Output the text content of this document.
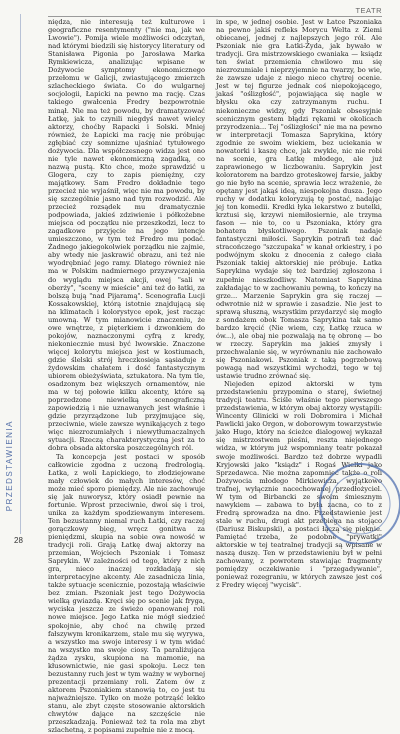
TEATR
PRZEDSTAWIENIA
28

niędza, nie interesują też kulturowe i geograficzne resentymenty ("nie ma, jak we Lwowie"). Pomija wiele możliwości odczytań, nad którymi biedzili się historycy literatury od Stanisława Pigonia po Jarosława Marka Rymkiewicza, analizując wpisane w Dożywocie symptomy ekonomicznego przełomu w Galicji, zwiastującego zmierzch szlacheckiego świata. Co do wulgarnej socjologii, Łapicki na pewno ma rację. Czas takiego gwałcenia Fredry bezpowrotnie minął. Nie ma też powodu, by dramatyzować Łatkę, jak to czynili niegdyś nawet wielcy aktorzy, choćby Rapacki i Solski. Mniej również, że Łapicki ma rację nie próbując zgłębiać czy somnizne ujaśniać tytułowego dożywocia. Dla współczesnego widza jest ono nie tyle nawet ekonomiczną zagadką, co nazwą pustą. Kto chce, może sprawdzić u Glogera, czy to zapis pieniężny, czy majątkowy. Sam Fredro dokładnie tego przecież nie wyjaśnił, więc nie ma powodu, by się szczególnie jasno nad tym rozwodzić. Ale przecież rozsądek mu dramatycznie podpowiada, jakieś zdziwienie i półkożebne miejsca od początku nie przeszkodzi, lecz to zagadkowe przyjęcie na jego intencje umieszczono, w tym też Fredro mu podać. Żadnego jakiegokolwiek porządku nie zajmie, aby wtedy nie jaskrawić obrazu, ani też nie wyodrębniać jego ramy. Dlatego również nie ma w Polskim nadmiernego przyzwyczajenia do wyglądu miejsca akcji, owej "sali w oberży", "sceny w mieście" ani też do łatki, za bolszą bują "nad Pijaramą". Scenografia Lucji Kossakowskiej, którą istotnie znajdującą się na klimatach i kolorystyce epok, jest racząc umowną. W tym mianowicie znaczeniu, że owe wnętrze, z pięterkiem i dzwonkiem do pokojów, naznaczonymi cyfrą z kredy, niekoniecznie musi być lwowskie. Znaczone więcej kolorytu miejsca jest w kostiumach, gdzie ślelski strój hreczkosieja sąsiaduje z żydowskim chałatem i dość fantastycznym ubiorem obieżyświata, sztukatora. Na tym tle, osadzonym bez większych ornamentów, nie ma w tej połowie kilku akcenty, które są poprzedzone niewielką scenograficzną zapowiedzią i nie uznawanych jest właśnie i gdzie przyrządzone lub przyjmujące się, przeciwnie, wiele zawsze wynikających z tego więc niezrozumiałych i niewytłumaczalnych sytuacji. Rzeczą charakterystyczną jest za to dobra obsada aktorska poszczególnych ról.

Ta koncepcja jest postaci w sposób całkowicie zgodna z uczoną fredrologią. Łatka, z woli Łapickiego, to złodziejowane mały człowiek do małych interesów, choć może mieć sporo pieniędzy. Ale nie zachowuje się jak nuworysz, który osiadł pewnie na fortunie. Wprost przeciwnie, dwoi się i troi, unika za każdym spodziewanym interesem. Ten bezustanny niemal ruch Łatki, czy raczej gorączkowy bieg, wręcz gonitwa za pieniędzmi, skupia na sobie owa nowość w tradycji roli. Grają Łatkę dwaj aktorzy na przemian, Wojciech Pszoniak i Tomasz Saprykin. W zależności od tego, który z nich gra, nieco inaczej rozkładają się interpretacyjne akcenty. Ale zasadnicza linia, także sytuacje scenicznie, pozostają właściwie bez zmian. Pszoniak jest tego Dożywocia wielką gwiazdą. Kręci się po scenie jak fryga, wyciska jeszcze ze świeżo opanowanej roli nowe miejsce. Jego Łatka nie mógł siedzieć spokojnie, aby choć na chwilę przed fałszywym kronikarzem, stale mu się wyrywa, a wszystko ma swoje interesy i w tym widać na wszystko ma swoje ciosy. Ta paraliżująca żądza zysku, skupiona na mamonie, na kłusownictwie, nie gasi spokoju. Lecz ten bezustanny ruch jest w tym ważny w wybornej prezentacji przemiany roli. Zatem ów z aktorem Pszoniakiem stanowią to, co jest tu najważniejsze. Tylko on może potrząść lekko stanu, ale zbyt częste stosowanie aktorskich chwytów dające na szczęście nie przeszkadzają. Ponieważ też ta rola ma zbyt szlachetną, z popisami zupełnie nie z mocą.

in spe, w jednej osobie. Jest w Łatce Pszoniaka na pewno jakiś refleks Morycu Welta z Ziemi obiecanej, jednej z najlepszych jego ról. Ale Pszoniak nie gra Łatki-Żyda, jak bywało w tradycji. Gra mistrzowskiego cwaniaka — ksiądz ten świat przemienia chwilowo mu się niezrozumiale i nieprzyjemnie na twarzy, bo wie, że zawsze udaje z niego nieco chytrej ocenie. Jest w tej figurze jednak coś niepokojącego, jakaś "oślizgłość", pojawiająca się nagle w błysku oka czy zatrzymanym ruchu. I niekonieczne widzy, gdy Pszoniak obsesyjnie scenicznym gestem błądzi rękami w okolicach przyrodzenia... Tej "oślizgłości" nie ma na pewno w interpretacji Tomasza Saprykina, który zgodnie ze swoim wiekiem, bez uciekania w nowatorki i kaszę chce, jak zwykle, nic nie robi na scenie, gra Łatkę młodego, ale już zaprawionego w liczbowaniu. Saprykin jest koloratorem na bardzo groteskowej farsie, jakby go nie było na scenie, sprawia lecz wrażenie, że opętany jest jakąś ideą, niespokojna dusza. Jego ruchy w dodatku koloryzują tę postać, nadając jej ton komedii. Kredki łyka lekarstwo z butelki, krztusi się, krzywi niemiłosiernie, ale trzyma fason — nie to, co u Pszoniaka, który gra bohatera błyskotliwego. Pszoniak nadaje fantastyczni miłości. Saprykin potrafi też dać stracończego "szczupaka" w kanał orkiestry, i po podwójnym skoku z dnocenia z całego ciała Pszoniak takiej aktorskiej nie próbuje. Łatka Saprykina wydaje się też bardziej zgłoszona i zupełnie nieszkodliwy. Natomiast Saprykina zakładając to w zachowaniu pewną, to kończy na grze... Marzenie Saprykin gra się raczej — odwrotnie niż w sprawie i zasadzie. Nie jest to sprawą słuszną, wszystkim przydarzyć się mogło z sondażem obok Tomasza Saprykina tak samo bardzo kręcić (Nie wiem, czy, Łatkę rzuca w ów...), ale obaj nie pozwalają na tę obronę — bo w rzeczy. Saprykin ma jakieś zmysły i przechwalanie się, w wyrównaniu nie zachowało się Pszoniakowi. Pszoniak z taką pogrzebową powagą nad wszystkimi wychodzi, tego w tej ustawie trudno zrównać się.

Niejeden epizod aktorski w tym przedstawieniu przypomina o starej, świetnej tradycji teatru. Ściśle właśnie tego pierwszego przedstawienia, w którym obaj aktorzy wystąpili: Wincenty Glinicki w roli Dobromira i Michał Pawlicki jako Orgon, w doborowym towarzystwie jako Hugo, który na ścieżce dialogowej wykazał się mistrzostwem pieśni, reszta niejednego widza, w którym już wspomniany teatr pokazał swoje możliwości. Bardzo też dobrze wypadli Kryjowski jako "ksiądz" i Rogaś Wielki jako Sprzedawca. Nie można zapomnieć także o roli Dożywocia młodego Mirkiewicza, wyjątkowo trafnej, wyłącznie nacechowanej przedłożyciel. W tym od Birbancki ze swoim śmiesznym nawykiem — zabawa to była zacna, co to z Fredrą sprowadza na dno. Przedstawienie jest stale w ruchu, drugi akt przebiega na stojąco (Dariusz Biskupski), a postaci łączą się pięknie. Pamiętać trzeba, że podobne "prywatki" aktorskie w tej teatralnej tradycji są wpisane w naszą duszę. Ten w przedstawieniu był w pełni zachowany, z powrotem stawiając fragmenty pomiędzy oczekiwanie i "przegadywanie", ponieważ rozegraniu, w których zawsze jest coś z Fredry więcej "wycisk".
